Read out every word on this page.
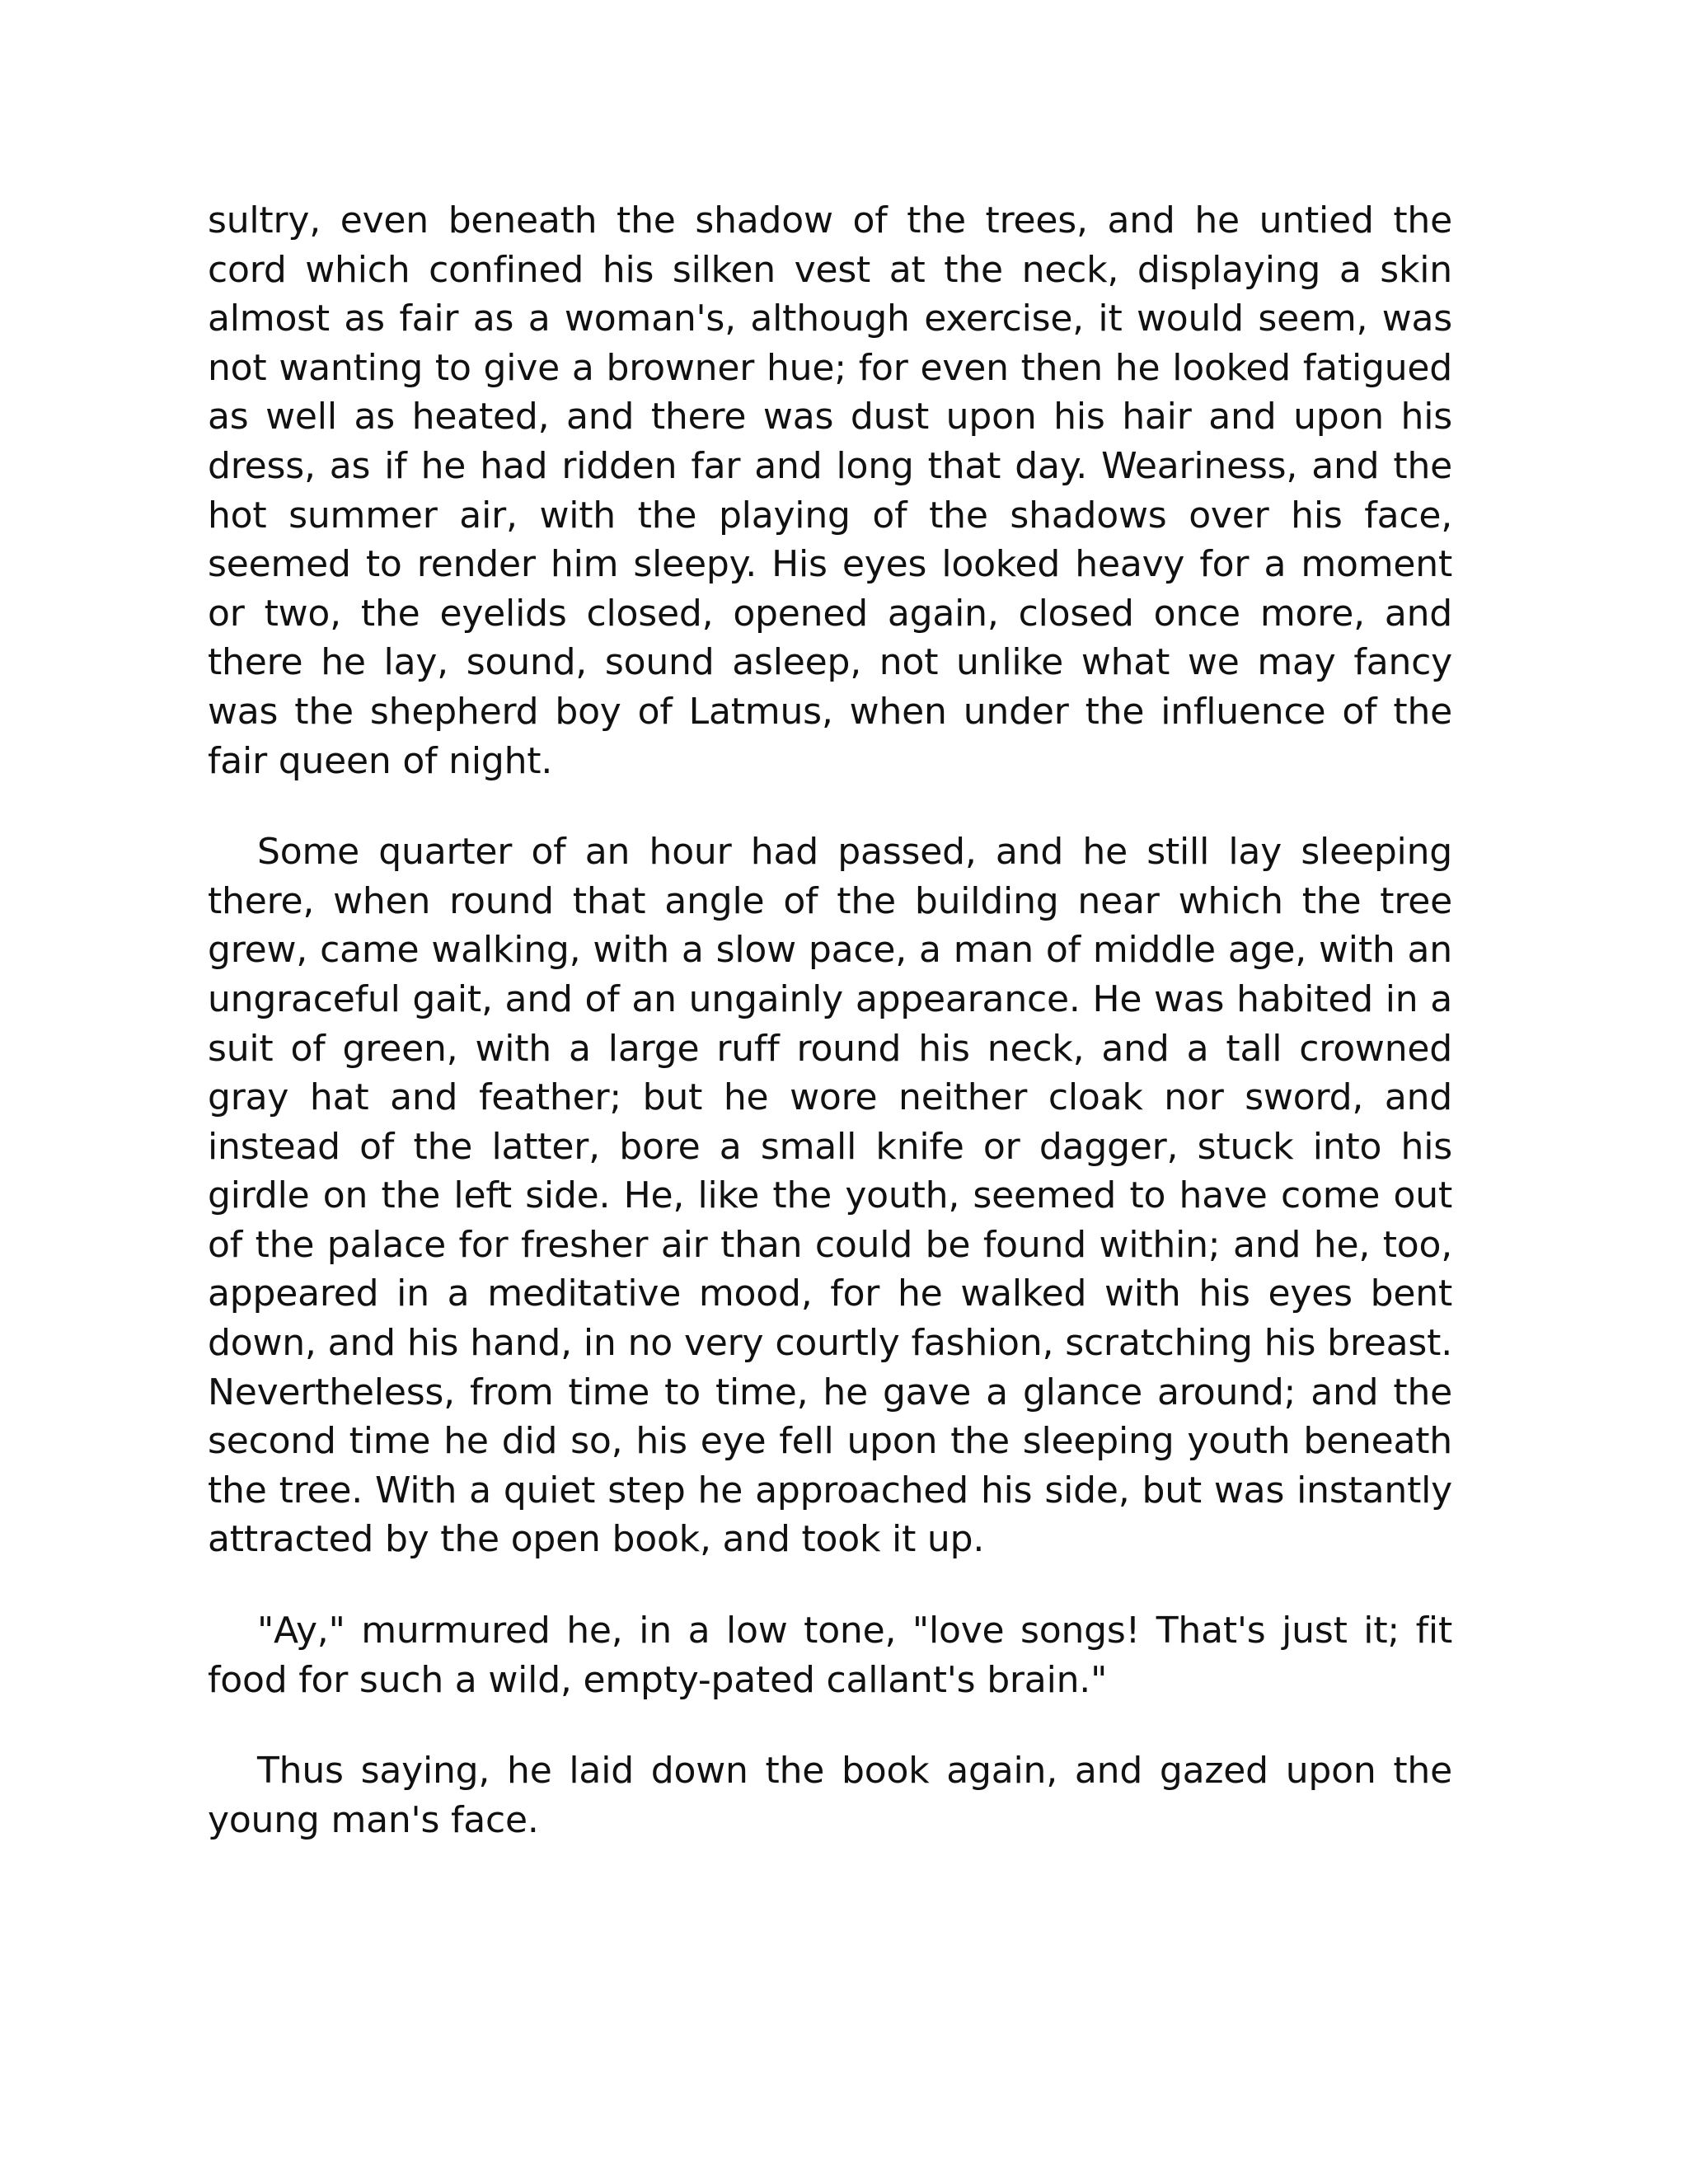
sultry, even beneath the shadow of the trees, and he untied the cord which confined his silken vest at the neck, displaying a skin almost as fair as a woman's, although exercise, it would seem, was not wanting to give a browner hue; for even then he looked fatigued as well as heated, and there was dust upon his hair and upon his dress, as if he had ridden far and long that day. Weariness, and the hot summer air, with the playing of the shadows over his face, seemed to render him sleepy. His eyes looked heavy for a moment or two, the eyelids closed, opened again, closed once more, and there he lay, sound, sound asleep, not unlike what we may fancy was the shepherd boy of Latmus, when under the influence of the fair queen of night.

Some quarter of an hour had passed, and he still lay sleeping there, when round that angle of the building near which the tree grew, came walking, with a slow pace, a man of middle age, with an ungraceful gait, and of an ungainly appearance. He was habited in a suit of green, with a large ruff round his neck, and a tall crowned gray hat and feather; but he wore neither cloak nor sword, and instead of the latter, bore a small knife or dagger, stuck into his girdle on the left side. He, like the youth, seemed to have come out of the palace for fresher air than could be found within; and he, too, appeared in a meditative mood, for he walked with his eyes bent down, and his hand, in no very courtly fashion, scratching his breast. Nevertheless, from time to time, he gave a glance around; and the second time he did so, his eye fell upon the sleeping youth beneath the tree. With a quiet step he approached his side, but was instantly attracted by the open book, and took it up.

"Ay," murmured he, in a low tone, "love songs! That's just it; fit food for such a wild, empty-pated callant's brain."

Thus saying, he laid down the book again, and gazed upon the young man's face.
